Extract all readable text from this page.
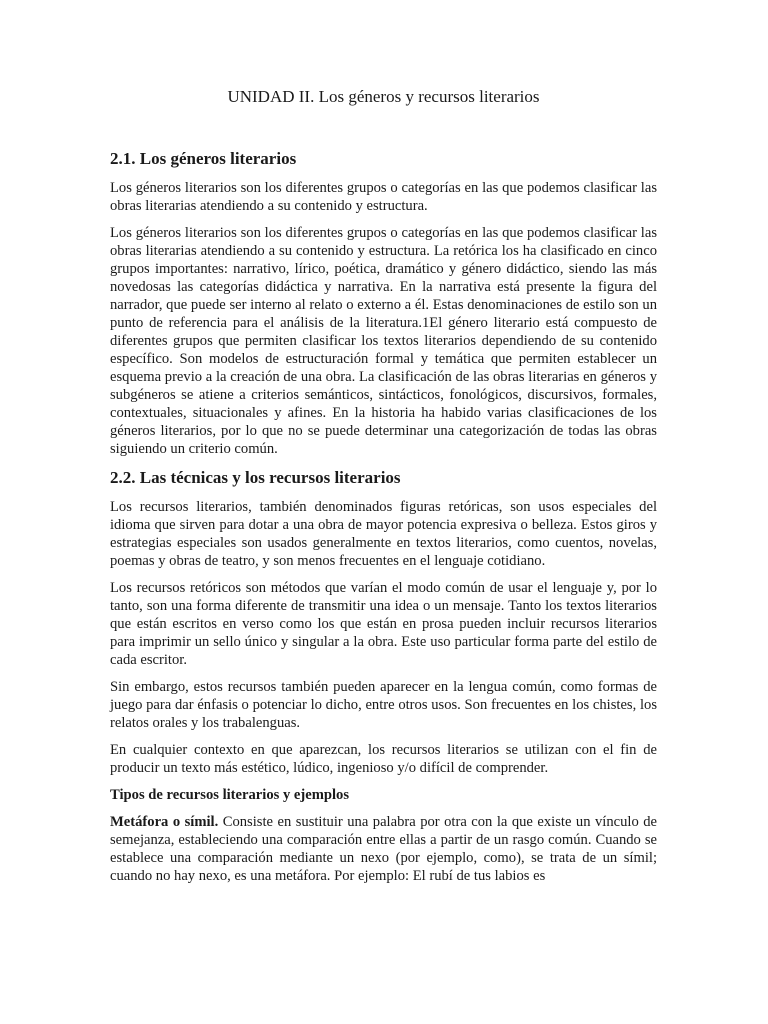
UNIDAD II. Los géneros y recursos literarios
2.1. Los géneros literarios

Los géneros literarios son los diferentes grupos o categorías en las que podemos clasificar las obras literarias atendiendo a su contenido y estructura.

Los géneros literarios son los diferentes grupos o categorías en las que podemos clasificar las obras literarias atendiendo a su contenido y estructura. La retórica los ha clasificado en cinco grupos importantes: narrativo, lírico, poética, dramático y género didáctico, siendo las más novedosas las categorías didáctica y narrativa. En la narrativa está presente la figura del narrador, que puede ser interno al relato o externo a él. Estas denominaciones de estilo son un punto de referencia para el análisis de la literatura.1El género literario está compuesto de diferentes grupos que permiten clasificar los textos literarios dependiendo de su contenido específico. Son modelos de estructuración formal y temática que permiten establecer un esquema previo a la creación de una obra. La clasificación de las obras literarias en géneros y subgéneros se atiene a criterios semánticos, sintácticos, fonológicos, discursivos, formales, contextuales, situacionales y afines. En la historia ha habido varias clasificaciones de los géneros literarios, por lo que no se puede determinar una categorización de todas las obras siguiendo un criterio común.

2.2. Las técnicas y los recursos literarios

Los recursos literarios, también denominados figuras retóricas, son usos especiales del idioma que sirven para dotar a una obra de mayor potencia expresiva o belleza. Estos giros y estrategias especiales son usados generalmente en textos literarios, como cuentos, novelas, poemas y obras de teatro, y son menos frecuentes en el lenguaje cotidiano.

Los recursos retóricos son métodos que varían el modo común de usar el lenguaje y, por lo tanto, son una forma diferente de transmitir una idea o un mensaje. Tanto los textos literarios que están escritos en verso como los que están en prosa pueden incluir recursos literarios para imprimir un sello único y singular a la obra. Este uso particular forma parte del estilo de cada escritor.

Sin embargo, estos recursos también pueden aparecer en la lengua común, como formas de juego para dar énfasis o potenciar lo dicho, entre otros usos. Son frecuentes en los chistes, los relatos orales y los trabalenguas.

En cualquier contexto en que aparezcan, los recursos literarios se utilizan con el fin de producir un texto más estético, lúdico, ingenioso y/o difícil de comprender.

Tipos de recursos literarios y ejemplos

Metáfora o símil. Consiste en sustituir una palabra por otra con la que existe un vínculo de semejanza, estableciendo una comparación entre ellas a partir de un rasgo común. Cuando se establece una comparación mediante un nexo (por ejemplo, como), se trata de un símil; cuando no hay nexo, es una metáfora. Por ejemplo: El rubí de tus labios es
